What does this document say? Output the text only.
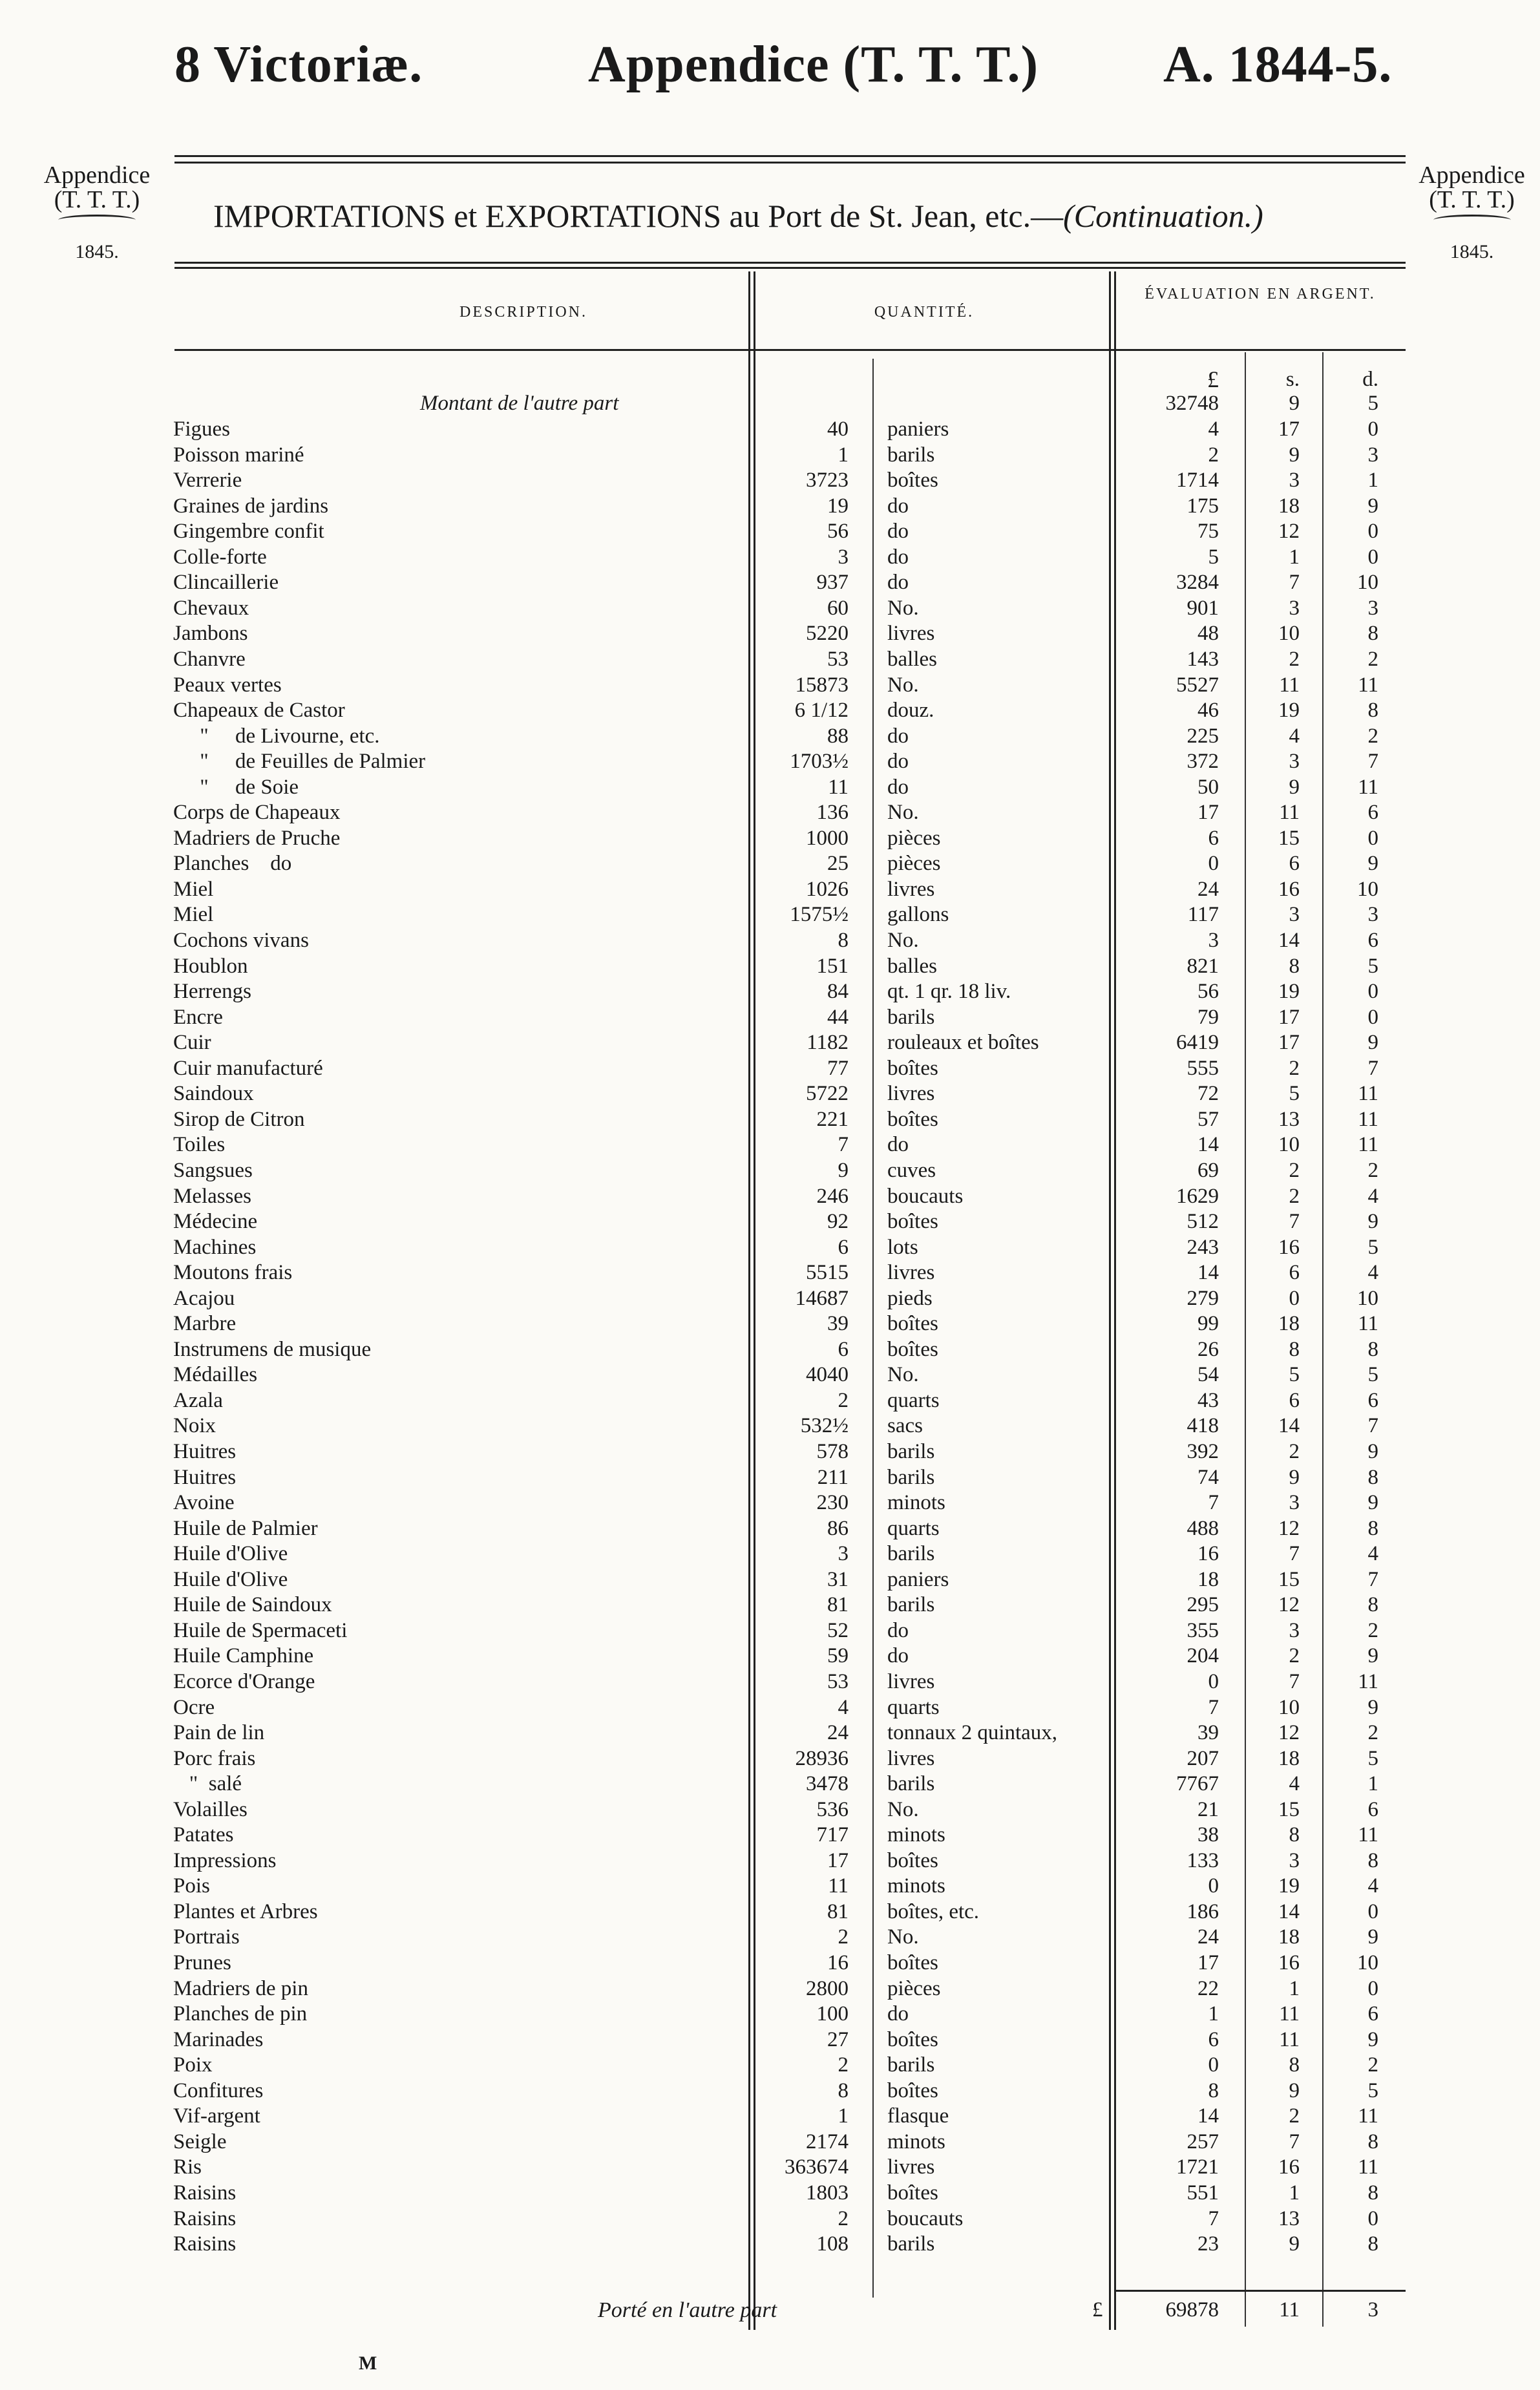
8 Victoriæ.	Appendice (T. T. T.) A. 1844-5.
Appendice
(T. T. T.)
1845.
Appendice
(T. T. T.)
1845.
IMPORTATIONS et EXPORTATIONS au Port de St. Jean, etc.—(Continuation.)
DESCRIPTION.	QUANTITÉ.
ÉVALUATION EN ARGENT.
£	s.	d.
Montant de l'autre part	32748	9	5
Figues	40 paniers	4	17	0
Poisson mariné	1 barils	2	9	3
Verrerie	3723 boîtes	1714	3	1
Graines de jardins	19 do	175	18	9
Gingembre confit	56 do	75	12	0
Colle-forte	3 do	5	1	0
Clincaillerie	937 do	3284	7	10
Chevaux	60 No.	901	3	3
Jambons	5220 livres	48	10	8
Chanvre	53 balles	143	2	2
Peaux vertes	15873 No.	5527	11	11
Chapeaux de Castor	6 1/12 douz.	46	19	8
"     de Livourne, etc.	88 do	225	4	2
"     de Feuilles de Palmier	1703½ do	372	3	7
"     de Soie	11 do	50	9	11
Corps de Chapeaux	136 No.	17	11	6
Madriers de Pruche	1000 pièces	6	15	0
Planches    do	25 pièces	0	6	9
Miel	1026 livres	24	16	10
Miel	1575½ gallons	117	3	3
Cochons vivans	8 No.	3	14	6
Houblon	151 balles	821	8	5
Herrengs	84 qt. 1 qr. 18 liv.	56	19	0
Encre	44 barils	79	17	0
Cuir	1182 rouleaux et boîtes	6419	17	9
Cuir manufacturé	77 boîtes	555	2	7
Saindoux	5722 livres	72	5	11
Sirop de Citron	221 boîtes	57	13	11
Toiles	7 do	14	10	11
Sangsues	9 cuves	69	2	2
Melasses	246 boucauts	1629	2	4
Médecine	92 boîtes	512	7	9
Machines	6 lots	243	16	5
Moutons frais	5515 livres	14	6	4
Acajou	14687 pieds	279	0	10
Marbre	39 boîtes	99	18	11
Instrumens de musique	6 boîtes	26	8	8
Médailles	4040 No.	54	5	5
Azala	2 quarts	43	6	6
Noix	532½ sacs	418	14	7
Huitres	578 barils	392	2	9
Huitres	211 barils	74	9	8
Avoine	230 minots	7	3	9
Huile de Palmier	86 quarts	488	12	8
Huile d'Olive	3 barils	16	7	4
Huile d'Olive	31 paniers	18	15	7
Huile de Saindoux	81 barils	295	12	8
Huile de Spermaceti	52 do	355	3	2
Huile Camphine	59 do	204	2	9
Ecorce d'Orange	53 livres	0	7	11
Ocre	4 quarts	7	10	9
Pain de lin	24 tonnaux 2 quintaux,	39	12	2
Porc frais	28936 livres	207	18	5
"  salé	3478 barils	7767	4	1
Volailles	536 No.	21	15	6
Patates	717 minots	38	8	11
Impressions	17 boîtes	133	3	8
Pois	11 minots	0	19	4
Plantes et Arbres	81 boîtes, etc.	186	14	0
Portrais	2 No.	24	18	9
Prunes	16 boîtes	17	16	10
Madriers de pin	2800 pièces	22	1	0
Planches de pin	100 do	1	11	6
Marinades	27 boîtes	6	11	9
Poix	2 barils	0	8	2
Confitures	8 boîtes	8	9	5
Vif-argent	1 flasque	14	2	11
Seigle	2174 minots	257	7	8
Ris	363674 livres	1721	16	11
Raisins	1803 boîtes	551	1	8
Raisins	2 boucauts	7	13	0
Raisins	108 barils	23	9	8
Porté en l'autre part	£	69878	11	3
M
